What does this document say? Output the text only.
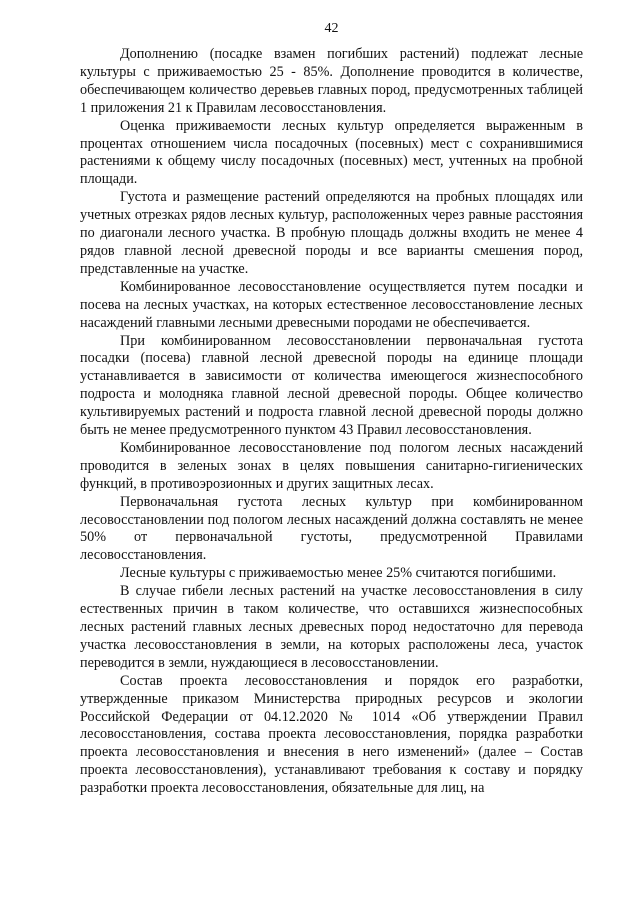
42

Дополнению (посадке взамен погибших растений) подлежат лесные культуры с приживаемостью 25 - 85%. Дополнение проводится в количестве, обеспечивающем количество деревьев главных пород, предусмотренных таблицей 1 приложения 21 к Правилам лесовосстановления.

Оценка приживаемости лесных культур определяется выраженным в процентах отношением числа посадочных (посевных) мест с сохранившимися растениями к общему числу посадочных (посевных) мест, учтенных на пробной площади.

Густота и размещение растений определяются на пробных площадях или учетных отрезках рядов лесных культур, расположенных через равные расстояния по диагонали лесного участка. В пробную площадь должны входить не менее 4 рядов главной лесной древесной породы и все варианты смешения пород, представленные на участке.

Комбинированное лесовосстановление осуществляется путем посадки и посева на лесных участках, на которых естественное лесовосстановление лесных насаждений главными лесными древесными породами не обеспечивается.

При комбинированном лесовосстановлении первоначальная густота посадки (посева) главной лесной древесной породы на единице площади устанавливается в зависимости от количества имеющегося жизнеспособного подроста и молодняка главной лесной древесной породы. Общее количество культивируемых растений и подроста главной лесной древесной породы должно быть не менее предусмотренного пунктом 43 Правил лесовосстановления.

Комбинированное лесовосстановление под пологом лесных насаждений проводится в зеленых зонах в целях повышения санитарно-гигиенических функций, в противоэрозионных и других защитных лесах.

Первоначальная густота лесных культур при комбинированном лесовосстановлении под пологом лесных насаждений должна составлять не менее 50% от первоначальной густоты, предусмотренной Правилами лесовосстановления.

Лесные культуры с приживаемостью менее 25% считаются погибшими.

В случае гибели лесных растений на участке лесовосстановления в силу естественных причин в таком количестве, что оставшихся жизнеспособных лесных растений главных лесных древесных пород недостаточно для перевода участка лесовосстановления в земли, на которых расположены леса, участок переводится в земли, нуждающиеся в лесовосстановлении.

Состав проекта лесовосстановления и порядок его разработки, утвержденные приказом Министерства природных ресурсов и экологии Российской Федерации от 04.12.2020 № 1014 «Об утверждении Правил лесовосстановления, состава проекта лесовосстановления, порядка разработки проекта лесовосстановления и внесения в него изменений» (далее – Состав проекта лесовосстановления), устанавливают требования к составу и порядку разработки проекта лесовосстановления, обязательные для лиц, на
